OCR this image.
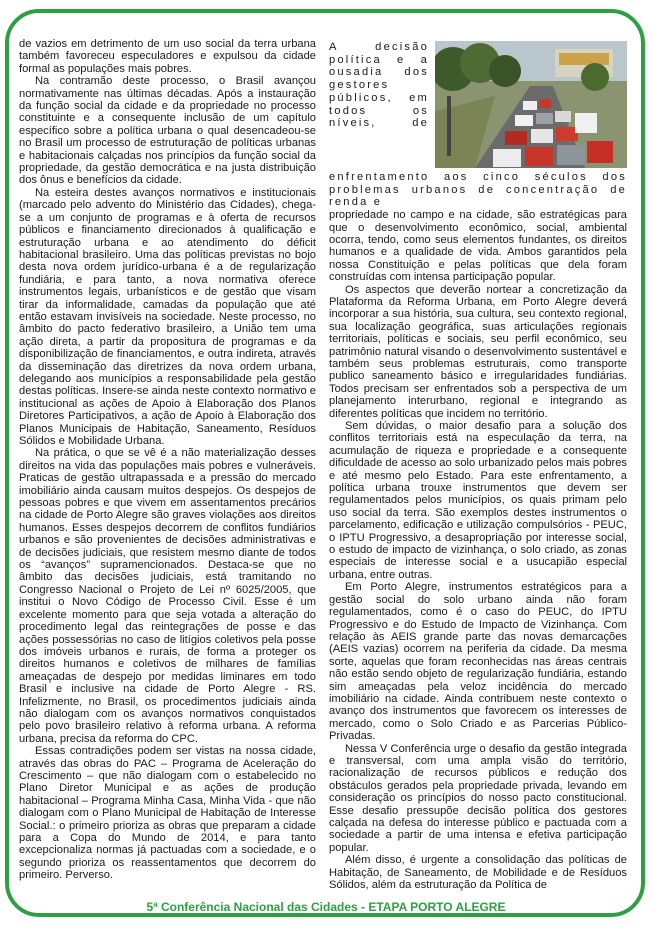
de vazios em detrimento de um uso social da terra urbana também favoreceu especuladores e expulsou da cidade formal as populações mais pobres.

Na contramão deste processo, o Brasil avançou normativamente nas últimas décadas. Após a instauração da função social da cidade e da propriedade no processo constituinte e a consequente inclusão de um capítulo específico sobre a política urbana o qual desencadeou-se no Brasil um processo de estruturação de políticas urbanas e habitacionais calçadas nos princípios da função social da propriedade, da gestão democrática e na justa distribuição dos ônus e benefícios da cidade.

Na esteira destes avanços normativos e institucionais (marcado pelo advento do Ministério das Cidades), chega-se a um conjunto de programas e à oferta de recursos públicos e financiamento direcionados à qualificação e estruturação urbana e ao atendimento do déficit habitacional brasileiro. Uma das políticas previstas no bojo desta nova ordem jurídico-urbana é a de regularização fundiária, e para tanto, a nova normativa oferece instrumentos legais, urbanísticos e de gestão que visam tirar da informalidade, camadas da população que até então estavam invisíveis na sociedade. Neste processo, no âmbito do pacto federativo brasileiro, a União tem uma ação direta, a partir da propositura de programas e da disponibilização de financiamentos, e outra indireta, através da disseminação das diretrizes da nova ordem urbana, delegando aos municípios a responsabilidade pela gestão destas políticas. Insere-se ainda neste contexto normativo e institucional as ações de Apoio à Elaboração dos Planos Diretores Participativos, a ação de Apoio à Elaboração dos Planos Municipais de Habitação, Saneamento, Resíduos Sólidos e Mobilidade Urbana.

Na prática, o que se vê é a não materialização desses direitos na vida das populações mais pobres e vulneráveis. Praticas de gestão ultrapassada e a pressão do mercado imobiliário ainda causam muitos despejos. Os despejos de pessoas pobres e que vivem em assentamentos precários na cidade de Porto Alegre são graves violações aos direitos humanos. Esses despejos decorrem de conflitos fundiários urbanos e são provenientes de decisões administrativas e de decisões judiciais, que resistem mesmo diante de todos os “avanços” supramencionados. Destaca-se que no âmbito das decisões judiciais, está tramitando no Congresso Nacional o Projeto de Lei nº 6025/2005, que institui o Novo Código de Processo Civil. Esse é um excelente momento para que seja votada a alteração do procedimento legal das reintegrações de posse e das ações possessórias no caso de litígios coletivos pela posse dos imóveis urbanos e rurais, de forma a proteger os direitos humanos e coletivos de milhares de famílias ameaçadas de despejo por medidas liminares em todo Brasil e inclusive na cidade de Porto Alegre - RS. Infelizmente, no Brasil, os procedimentos judiciais ainda não dialogam com os avanços normativos conquistados pelo povo brasileiro relativo à reforma urbana. A reforma urbana, precisa da reforma do CPC.

Essas contradições podem ser vistas na nossa cidade, através das obras do PAC – Programa de Aceleração do Crescimento – que não dialogam com o estabelecido no Plano Diretor Municipal e as ações de produção habitacional – Programa Minha Casa, Minha Vida - que não dialogam com o Plano Municipal de Habitação de Interesse Social.: o primeiro prioriza as obras que preparam a cidade para a Copa do Mundo de 2014, e para tanto excepcionaliza normas já pactuadas com a sociedade, e o segundo prioriza os reassentamentos que decorrem do primeiro. Perverso.

A decisão política e a ousadia dos gestores públicos, em todos os níveis, de enfrentamento aos cinco séculos dos problemas urbanos de concentração de renda e

propriedade no campo e na cidade, são estratégicas para que o desenvolvimento econômico, social, ambiental ocorra, tendo, como seus elementos fundantes, os direitos humanos e a qualidade de vida. Ambos garantidos pela nossa Constituição e pelas políticas que dela foram construídas com intensa participação popular.

Os aspectos que deverão nortear a concretização da Plataforma da Reforma Urbana, em Porto Alegre deverá incorporar a sua história, sua cultura, seu contexto regional, sua localização geográfica, suas articulações regionais territoriais, políticas e sociais, seu perfil econômico, seu patrimônio natural visando o desenvolvimento sustentável e também seus problemas estruturais, como transporte publico saneamento básico e irregularidades fundiárias. Todos precisam ser enfrentados sob a perspectiva de um planejamento interurbano, regional e integrando as diferentes políticas que incidem no território.

Sem dúvidas, o maior desafio para a solução dos conflitos territoriais está na especulação da terra, na acumulação de riqueza e propriedade e a consequente dificuldade de acesso ao solo urbanizado pelos mais pobres e até mesmo pelo Estado. Para este enfrentamento, a política urbana trouxe instrumentos que devem ser regulamentados pelos municípios, os quais primam pelo uso social da terra. São exemplos destes instrumentos o parcelamento, edificação e utilização compulsórios - PEUC, o IPTU Progressivo, a desapropriação por interesse social, o estudo de impacto de vizinhança, o solo criado, as zonas especiais de interesse social e a usucapião especial urbana, entre outras.

Em Porto Alegre, instrumentos estratégicos para a gestão social do solo urbano ainda não foram regulamentados, como é o caso do PEUC, do IPTU Progressivo e do Estudo de Impacto de Vizinhança. Com relação às AEIS grande parte das novas demarcações (AEIS vazias) ocorrem na periferia da cidade. Da mesma sorte, aquelas que foram reconhecidas nas áreas centrais não estão sendo objeto de regularização fundiária, estando sim ameaçadas pela veloz incidência do mercado imobiliário na cidade. Ainda contribuem neste contexto o avanço dos instrumentos que favorecem os interesses de mercado, como o Solo Criado e as Parcerias Público-Privadas.

Nessa V Conferência urge o desafio da gestão integrada e transversal, com uma ampla visão do território, racionalização de recursos públicos e redução dos obstáculos gerados pela propriedade privada, levando em consideração os princípios do nosso pacto constitucional. Esse desafio pressupõe decisão política dos gestores calçada na defesa do interesse público e pactuada com a sociedade a partir de uma intensa e efetiva participação popular.

Além disso, é urgente a consolidação das políticas de Habitação, de Saneamento, de Mobilidade e de Resíduos Sólidos, além da estruturação da Política de

5ª Conferência Nacional das Cidades - ETAPA PORTO ALEGRE
